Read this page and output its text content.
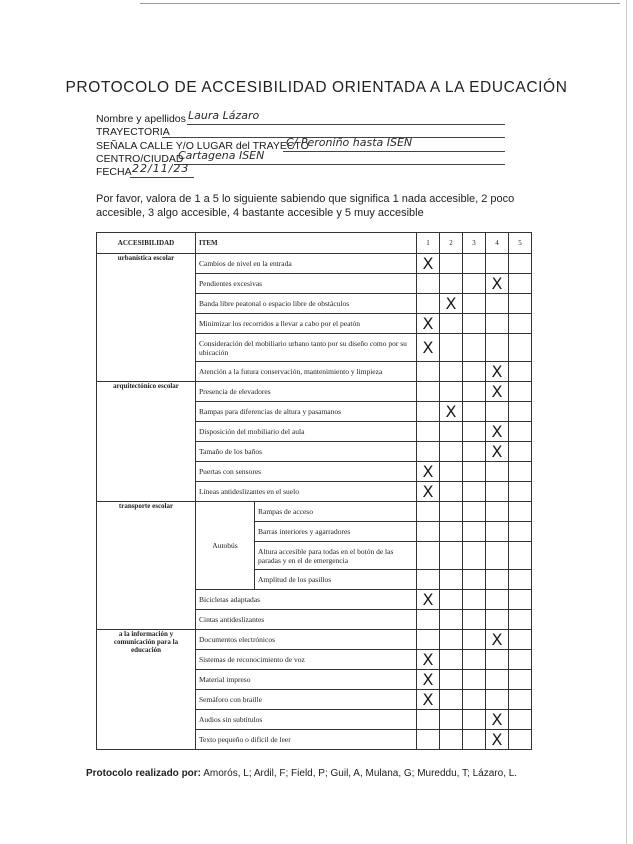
PROTOCOLO DE ACCESIBILIDAD ORIENTADA A LA EDUCACIÓN
Nombre y apellidos Laura Lázaro
TRAYECTORIA
SEÑALA CALLE Y/O LUGAR del TRAYECTO
C/ Peroniño hasta ISEN
CENTRO/CIUDAD
Cartagena ISEN
FECHA 22/11/23
Por favor, valora de 1 a 5 lo siguiente sabiendo que significa 1 nada accesible, 2 poco accesible, 3 algo accesible, 4 bastante accesible y 5 muy accesible
ACCESIBILIDAD	ITEM		1	2	3	4	5
urbanística escolar	Cambios de nivel en la entrada		X				
	Pendientes excesivas					X	
	Banda libre peatonal o espacio libre de obstáculos			X			
	Minimizar los recorridos a llevar a cabo por el peatón		X				
	Consideración del mobiliario urbano tanto por su diseño como por su ubicación		X				
	Atención a la futura conservación, mantenimiento y limpieza					X	
arquitectónico escolar	Presencia de elevadores					X	
	Rampas para diferencias de altura y pasamanos			X			
	Disposición del mobiliario del aula					X	
	Tamaño de los baños					X	
	Puertas con sensores		X				
	Líneas antideslizantes en el suelo		X				
transporte escolar	Autobús	Rampas de acceso					
		Barras interiores y agarradores					
		Altura accesible para todas en el botón de las paradas y en el de emergencia					
		Amplitud de los pasillos					
	Bicicletas adaptadas		X				
	Cintas antideslizantes						
a la información y comunicación para la educación	Documentos electrónicos					X	
	Sistemas de reconocimiento de voz		X				
	Material impreso		X				
	Semáforo con braille		X				
	Audios sin subtítulos					X	
	Texto pequeño o difícil de leer					X	
Protocolo realizado por: Amorós, L; Ardil, F; Field, P; Guil, A, Mulana, G; Mureddu, T; Lázaro, L.
